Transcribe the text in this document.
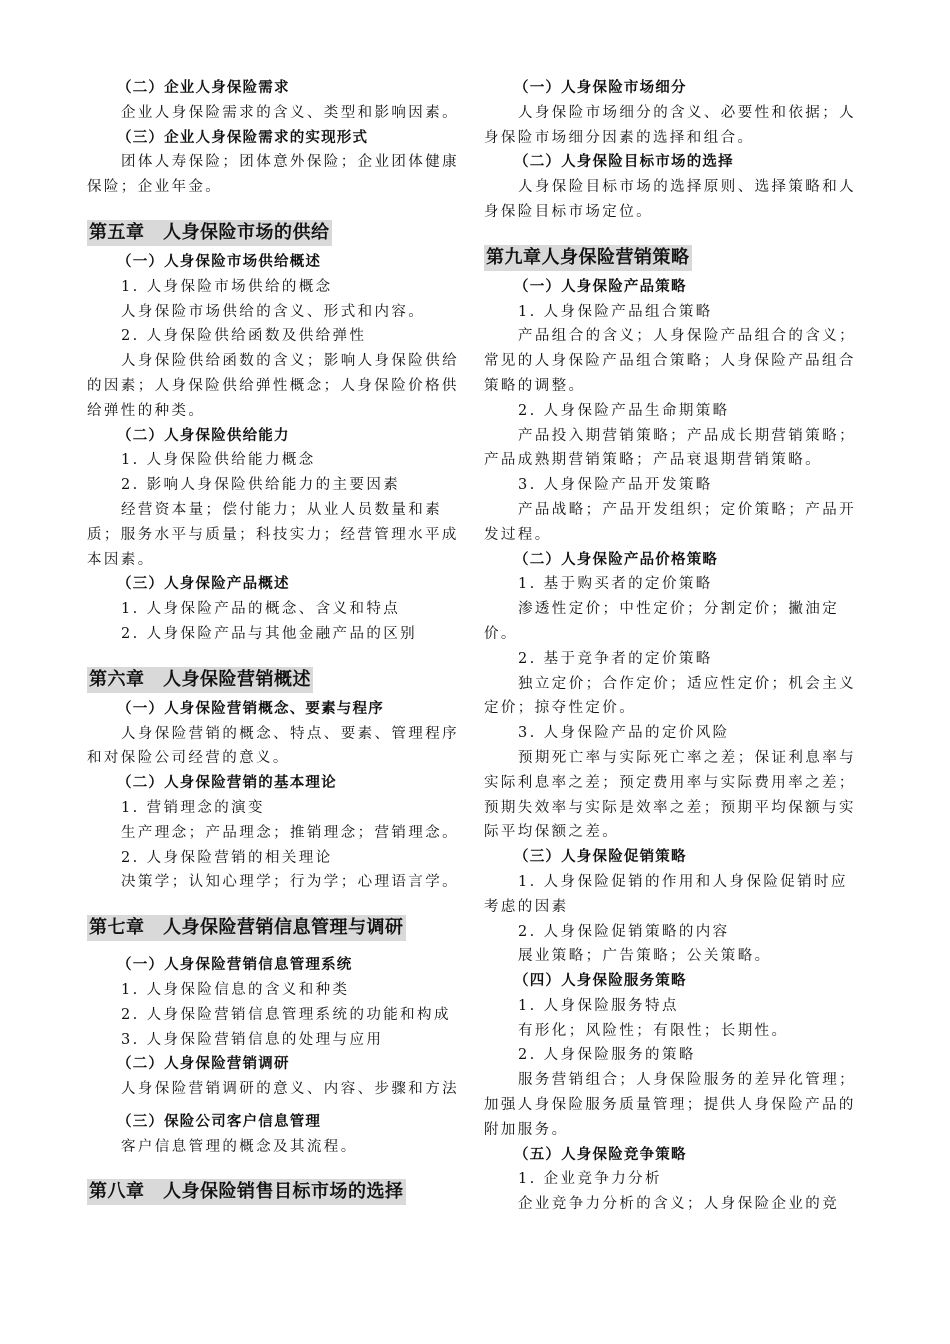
（二）企业人身保险需求

企业人身保险需求的含义、类型和影响因素。

（三）企业人身保险需求的实现形式

团体人寿保险；团体意外保险；企业团体健康保险；企业年金。

第五章　人身保险市场的供给

（一）人身保险市场供给概述

1. 人身保险市场供给的概念

人身保险市场供给的含义、形式和内容。

2. 人身保险供给函数及供给弹性

人身保险供给函数的含义；影响人身保险供给的因素；人身保险供给弹性概念；人身保险价格供给弹性的种类。

（二）人身保险供给能力

1. 人身保险供给能力概念

2. 影响人身保险供给能力的主要因素

经营资本量；偿付能力；从业人员数量和素质；服务水平与质量；科技实力；经营管理水平成本因素。

（三）人身保险产品概述

1. 人身保险产品的概念、含义和特点

2. 人身保险产品与其他金融产品的区别

第六章　人身保险营销概述

（一）人身保险营销概念、要素与程序

人身保险营销的概念、特点、要素、管理程序和对保险公司经营的意义。

（二）人身保险营销的基本理论

1. 营销理念的演变

生产理念；产品理念；推销理念；营销理念。

2. 人身保险营销的相关理论

决策学；认知心理学；行为学；心理语言学。

第七章　人身保险营销信息管理与调研

（一）人身保险营销信息管理系统

1. 人身保险信息的含义和种类

2. 人身保险营销信息管理系统的功能和构成

3. 人身保险营销信息的处理与应用

（二）人身保险营销调研

人身保险营销调研的意义、内容、步骤和方法

（三）保险公司客户信息管理

客户信息管理的概念及其流程。

第八章　人身保险销售目标市场的选择

（一）人身保险市场细分

人身保险市场细分的含义、必要性和依据；人身保险市场细分因素的选择和组合。

（二）人身保险目标市场的选择

人身保险目标市场的选择原则、选择策略和人身保险目标市场定位。

第九章人身保险营销策略

（一）人身保险产品策略

1. 人身保险产品组合策略

产品组合的含义；人身保险产品组合的含义；常见的人身保险产品组合策略；人身保险产品组合策略的调整。

2. 人身保险产品生命期策略

产品投入期营销策略；产品成长期营销策略；产品成熟期营销策略；产品衰退期营销策略。

3. 人身保险产品开发策略

产品战略；产品开发组织；定价策略；产品开发过程。

（二）人身保险产品价格策略

1. 基于购买者的定价策略

渗透性定价；中性定价；分割定价；撇油定价。

2. 基于竞争者的定价策略

独立定价；合作定价；适应性定价；机会主义定价；掠夺性定价。

3. 人身保险产品的定价风险

预期死亡率与实际死亡率之差；保证利息率与实际利息率之差；预定费用率与实际费用率之差；预期失效率与实际是效率之差；预期平均保额与实际平均保额之差。

（三）人身保险促销策略

1. 人身保险促销的作用和人身保险促销时应考虑的因素

2. 人身保险促销策略的内容

展业策略；广告策略；公关策略。

（四）人身保险服务策略

1. 人身保险服务特点

有形化；风险性；有限性；长期性。

2. 人身保险服务的策略

服务营销组合；人身保险服务的差异化管理；加强人身保险服务质量管理；提供人身保险产品的附加服务。

（五）人身保险竞争策略

1. 企业竞争力分析

企业竞争力分析的含义；人身保险企业的竞
